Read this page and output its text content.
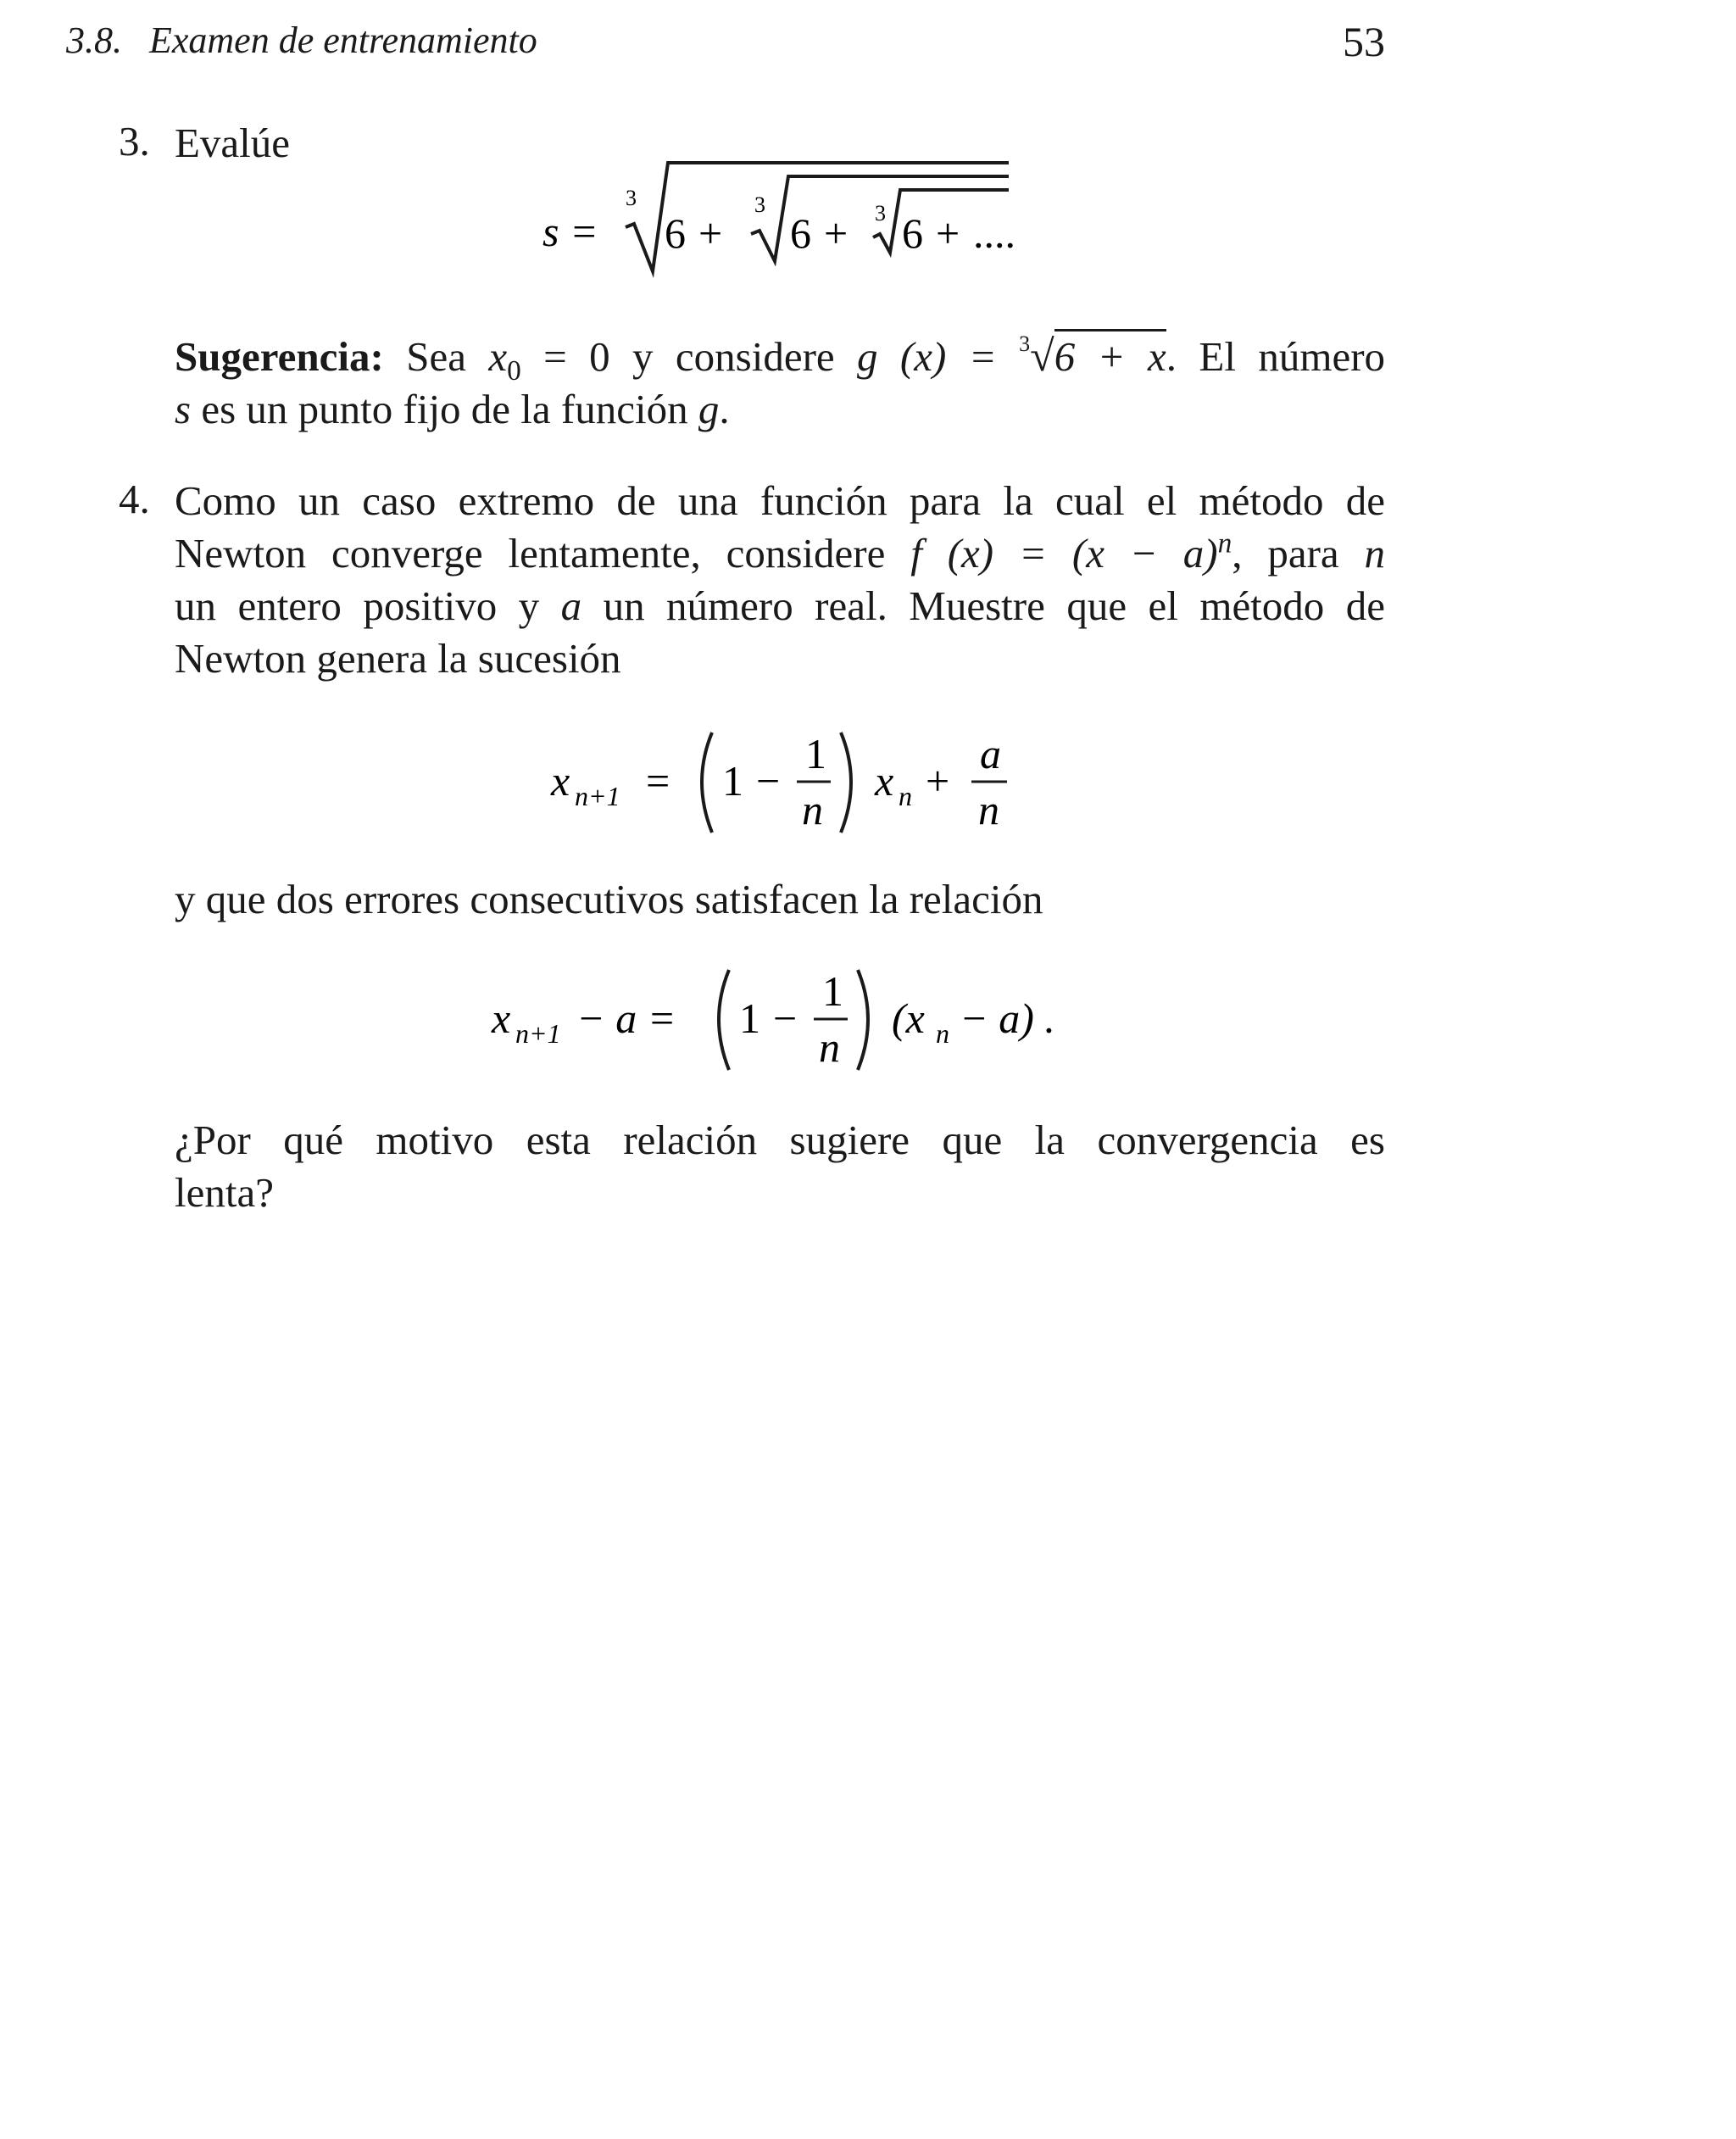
3.8. Examen de entrenamiento	53
3. Evalúe
s =
3
6 +
3
6 + 3 6 + ....
Sugerencia: Sea $x_0 = 0$ y considere g (x) = $^3$√6 + x. El número
s es un punto fijo de la función g.
4. Como un caso extremo de una función para la cual el método de
Newton converge lentamente, considere f $(x) = (x - a)^n$, para n
un entero positivo y a un número real. Muestre que el método de
Newton genera la sucesión
x n+1 = 1 −
1
n
x n +
a
n
y que dos errores consecutivos satisfacen la relación
x n+1 − a = 1 −
1
n
(x n − a) .
¿Por qué motivo esta relación sugiere que la convergencia es
lenta?
